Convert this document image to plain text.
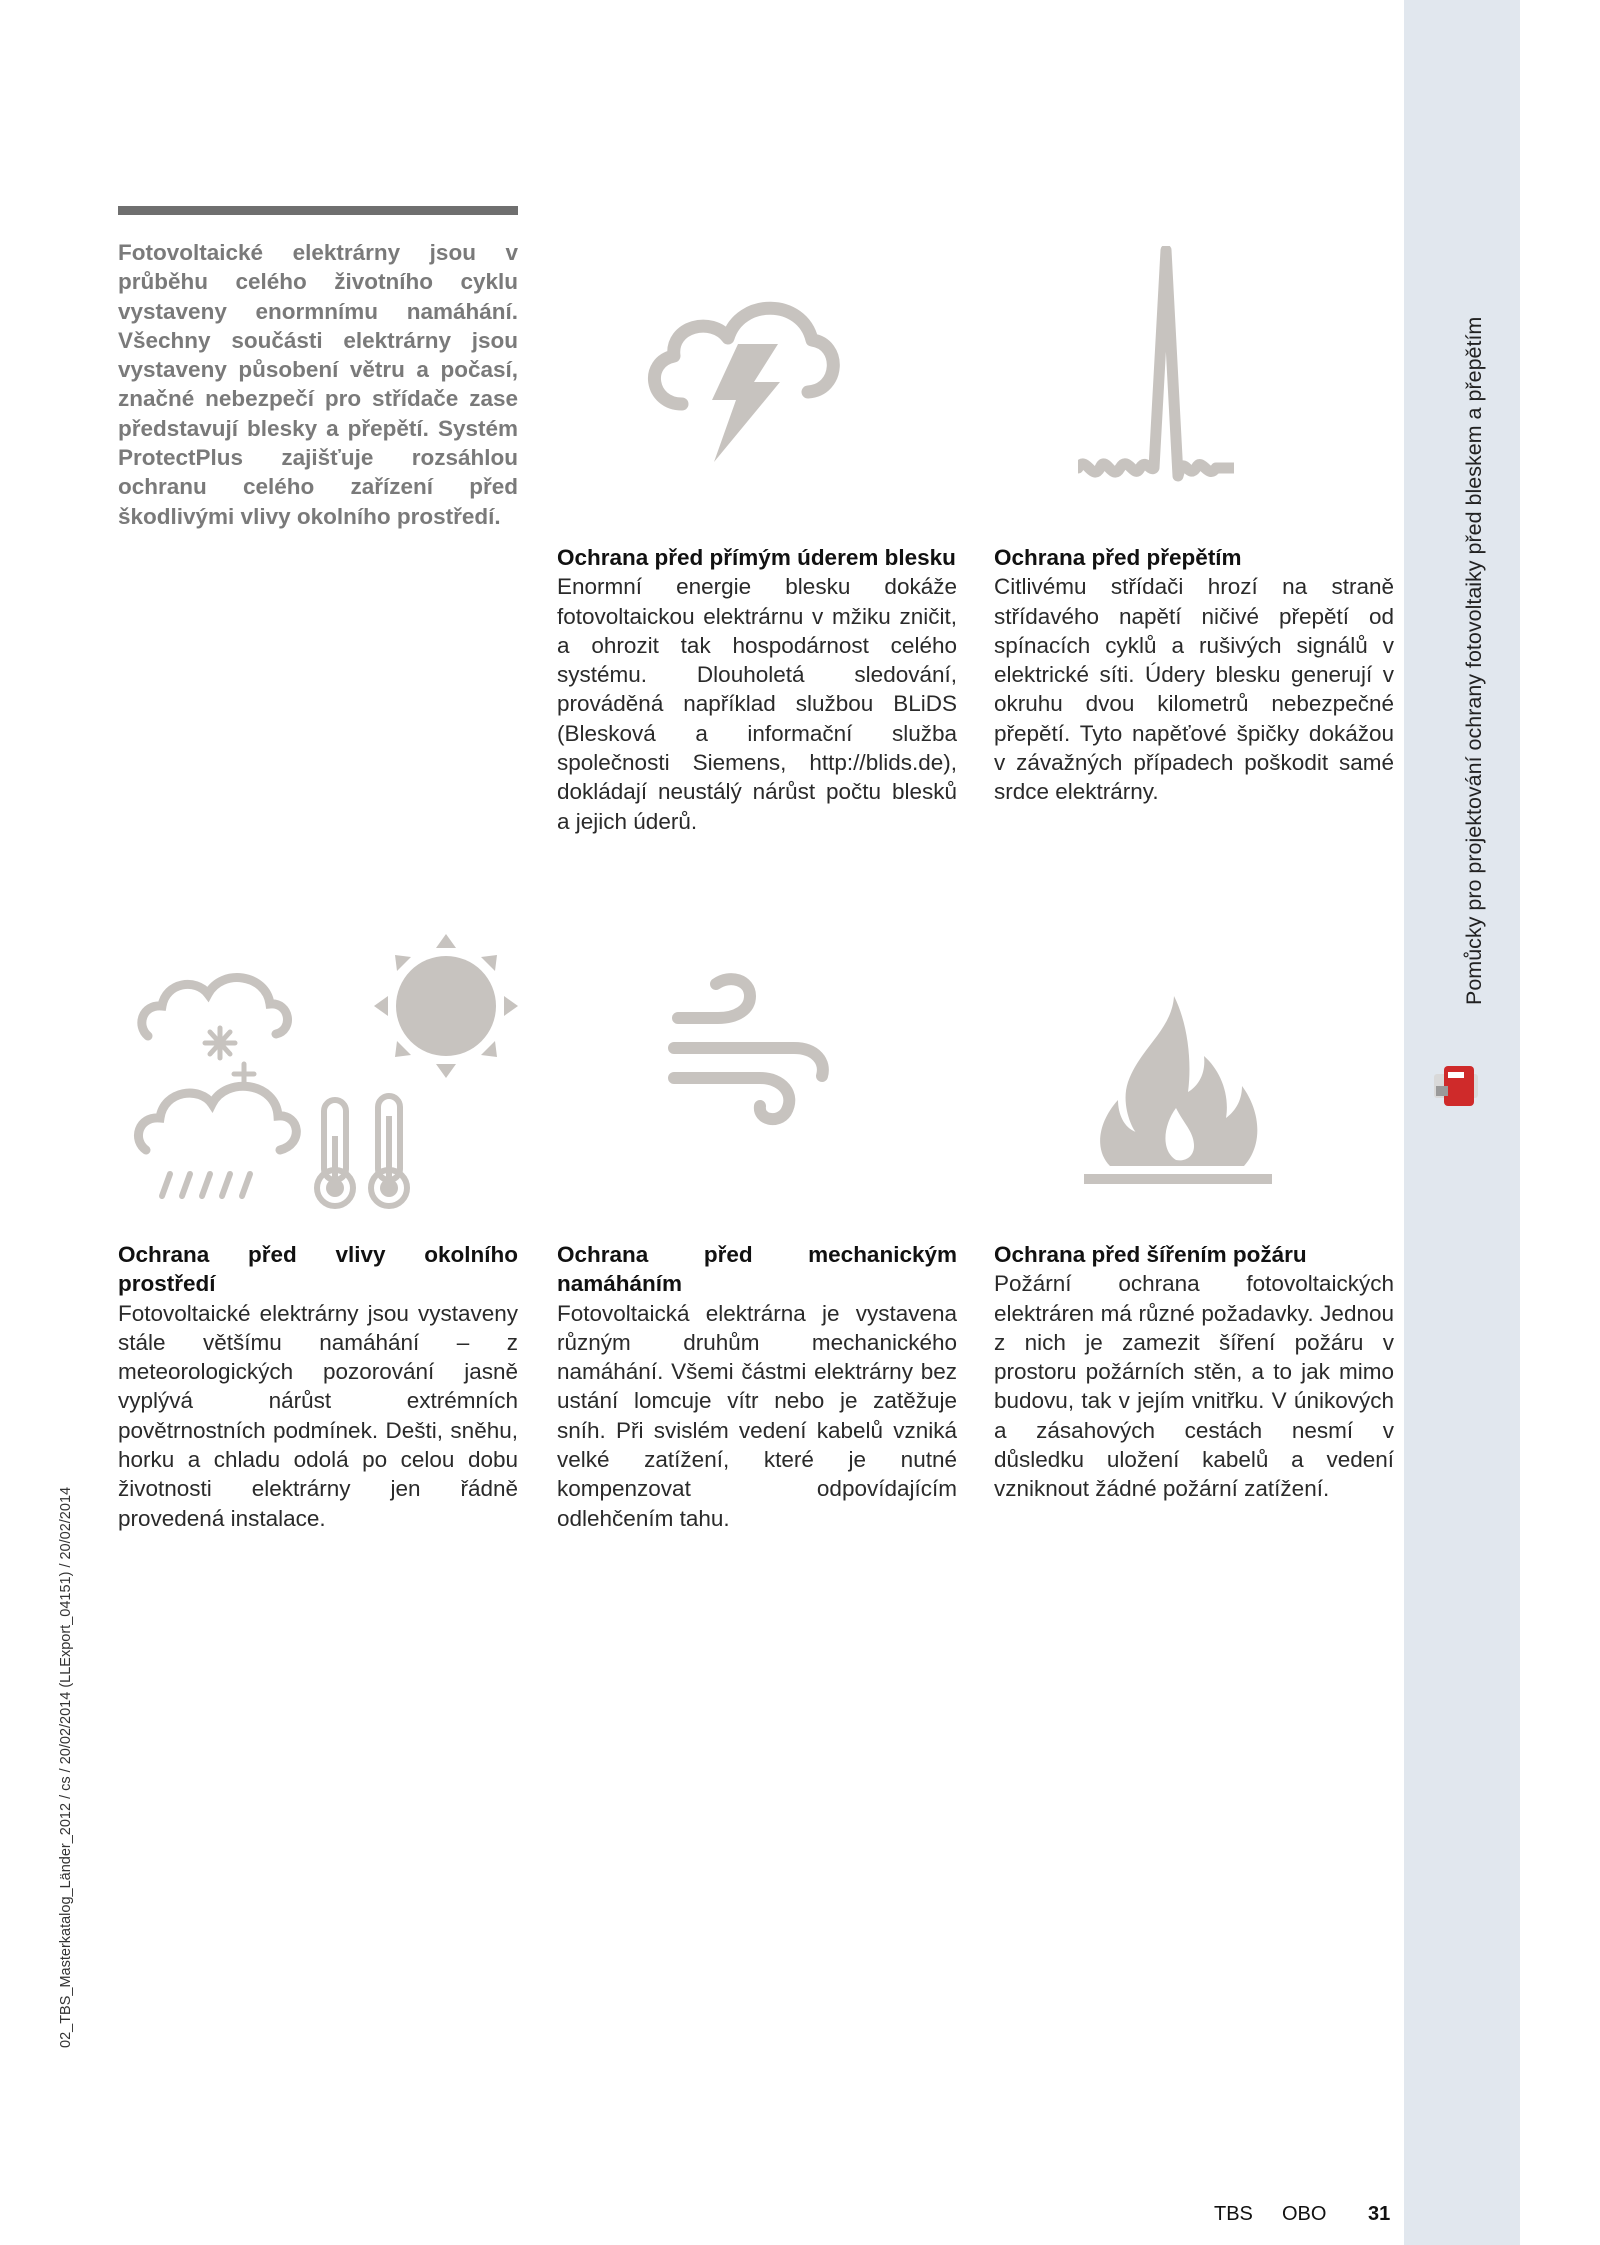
Pomůcky pro projektování ochrany fotovoltaiky před bleskem a přepětím
02_TBS_Masterkatalog_Länder_2012 / cs / 20/02/2014 (LLExport_04151) / 20/02/2014
Fotovoltaické elektrárny jsou v průběhu celého životního cyklu vystaveny enormnímu namáhání. Všechny součásti elektrárny jsou vystaveny působení větru a počasí, značné nebezpečí pro střídače zase představují blesky a přepětí. Systém ProtectPlus zajišťuje rozsáhlou ochranu celého zařízení před škodlivými vlivy okolního prostředí.
Ochrana před přímým úderem blesku

Enormní energie blesku dokáže fotovoltaickou elektrárnu v mžiku zničit, a ohrozit tak hospodárnost celého systému. Dlouholetá sledování, prováděná například službou BLiDS (Blesková a informační služba společnosti Siemens, http://blids.de), dokládají neustálý nárůst počtu blesků a jejich úderů.

Ochrana před přepětím

Citlivému střídači hrozí na straně střídavého napětí ničivé přepětí od spínacích cyklů a rušivých signálů v elektrické síti. Údery blesku generují v okruhu dvou kilometrů nebezpečné přepětí. Tyto napěťové špičky dokážou v závažných případech poškodit samé srdce elektrárny.

Ochrana před vlivy okolního prostředí

Fotovoltaické elektrárny jsou vystaveny stále většímu namáhání – z meteorologických pozorování jasně vyplývá nárůst extrémních povětrnostních podmínek. Dešti, sněhu, horku a chladu odolá po celou dobu životnosti elektrárny jen řádně provedená instalace.

Ochrana před mechanickým namáháním

Fotovoltaická elektrárna je vystavena různým druhům mechanického namáhání. Všemi částmi elektrárny bez ustání lomcuje vítr nebo je zatěžuje sníh. Při svislém vedení kabelů vzniká velké zatížení, které je nutné kompenzovat odpovídajícím odlehčením tahu.

Ochrana před šířením požáru

Požární ochrana fotovoltaických elektráren má různé požadavky. Jednou z nich je zamezit šíření požáru v prostoru požárních stěn, a to jak mimo budovu, tak v jejím vnitřku. V únikových a zásahových cestách nesmí v důsledku uložení kabelů a vedení vzniknout žádné požární zatížení.

TBS OBO 31
